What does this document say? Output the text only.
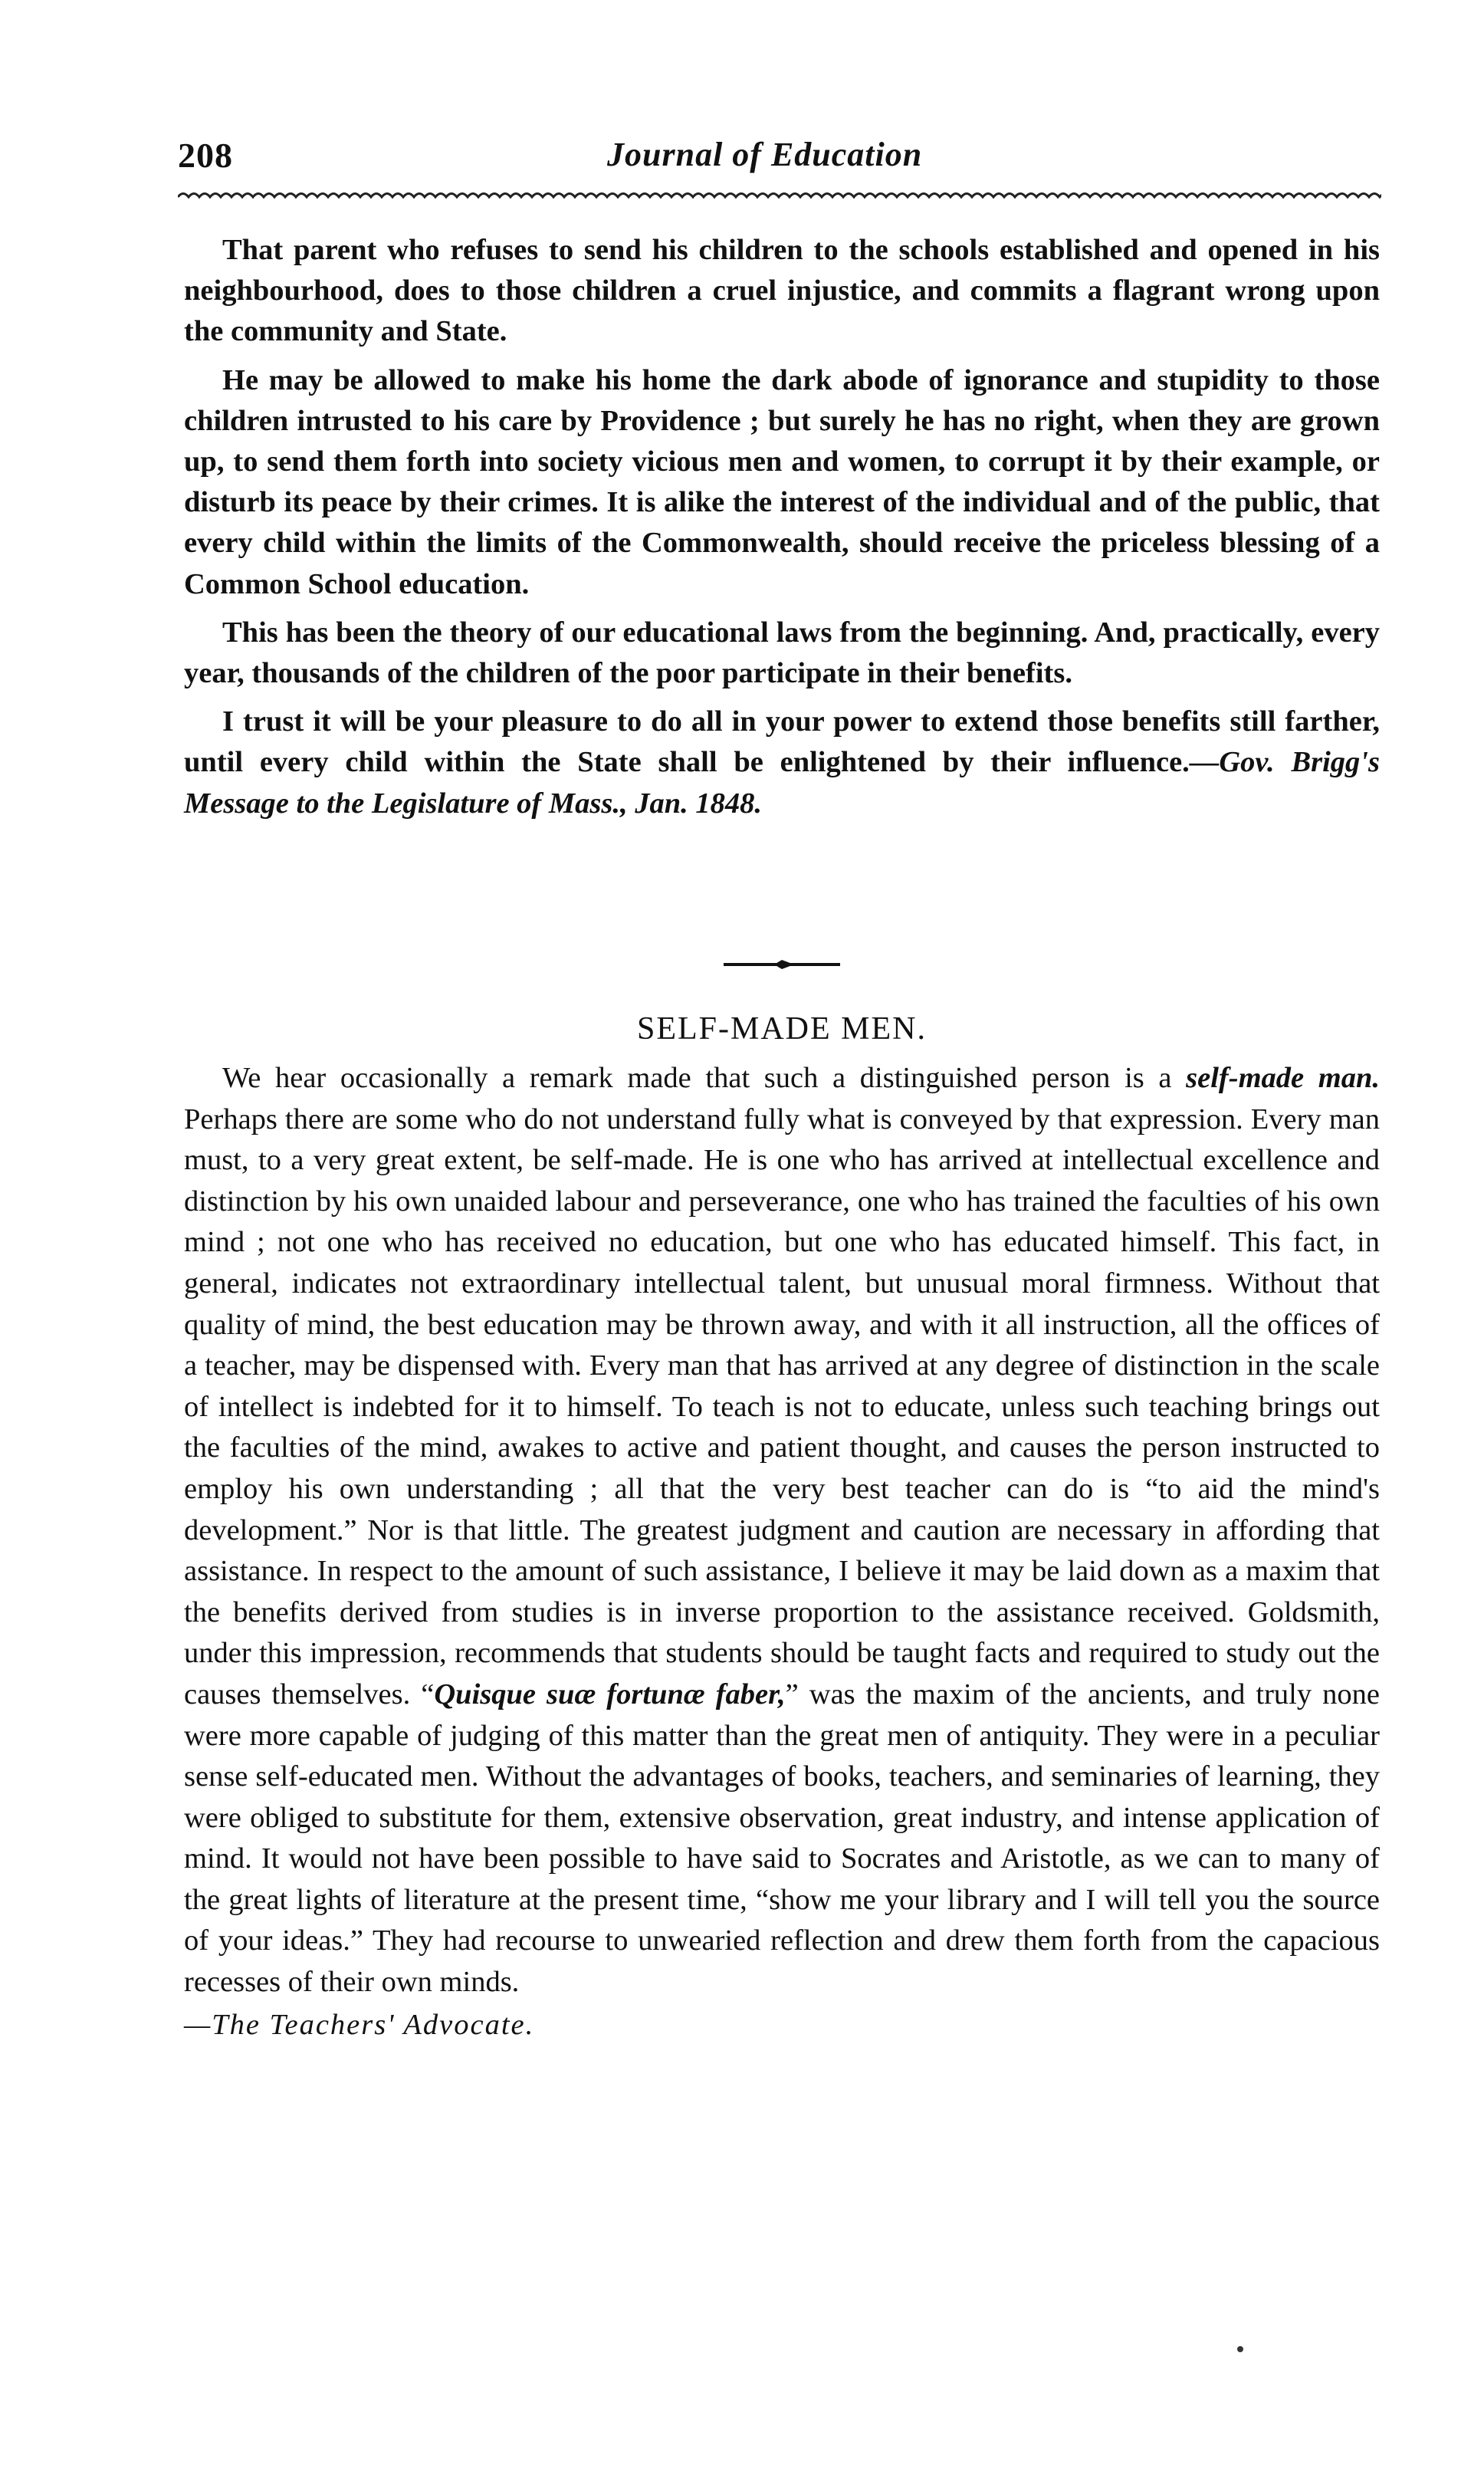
208	Journal of Education

That parent who refuses to send his children to the schools established and opened in his neighbourhood, does to those children a cruel injustice, and commits a flagrant wrong upon the community and State.

He may be allowed to make his home the dark abode of ignorance and stupidity to those children intrusted to his care by Providence ; but surely he has no right, when they are grown up, to send them forth into society vicious men and women, to corrupt it by their example, or disturb its peace by their crimes. It is alike the interest of the individual and of the public, that every child within the limits of the Commonwealth, should receive the priceless blessing of a Common School education.

This has been the theory of our educational laws from the beginning. And, practically, every year, thousands of the children of the poor participate in their benefits.

I trust it will be your pleasure to do all in your power to extend those benefits still farther, until every child within the State shall be enlightened by their influence.—Gov. Brigg's Message to the Legislature of Mass., Jan. 1848.

SELF-MADE MEN.

We hear occasionally a remark made that such a distinguished person is a self-made man. Perhaps there are some who do not understand fully what is conveyed by that expression. Every man must, to a very great extent, be self-made. He is one who has arrived at intellectual excellence and distinction by his own unaided labour and perseverance, one who has trained the faculties of his own mind ; not one who has received no education, but one who has educated himself. This fact, in general, indicates not extraordinary intellectual talent, but unusual moral firmness. Without that quality of mind, the best education may be thrown away, and with it all instruction, all the offices of a teacher, may be dispensed with. Every man that has arrived at any degree of distinction in the scale of intellect is indebted for it to himself. To teach is not to educate, unless such teaching brings out the faculties of the mind, awakes to active and patient thought, and causes the person instructed to employ his own understanding ; all that the very best teacher can do is “to aid the mind's development.” Nor is that little. The greatest judgment and caution are necessary in affording that assistance. In respect to the amount of such assistance, I believe it may be laid down as a maxim that the benefits derived from studies is in inverse proportion to the assistance received. Goldsmith, under this impression, recommends that students should be taught facts and required to study out the causes themselves. “Quisque suæ fortunæ faber,” was the maxim of the ancients, and truly none were more capable of judging of this matter than the great men of antiquity. They were in a peculiar sense self-educated men. Without the advantages of books, teachers, and seminaries of learning, they were obliged to substitute for them, extensive observation, great industry, and intense application of mind. It would not have been possible to have said to Socrates and Aristotle, as we can to many of the great lights of literature at the present time, “show me your library and I will tell you the source of your ideas.” They had recourse to unwearied reflection and drew them forth from the capacious recesses of their own minds.

—The Teachers' Advocate.
